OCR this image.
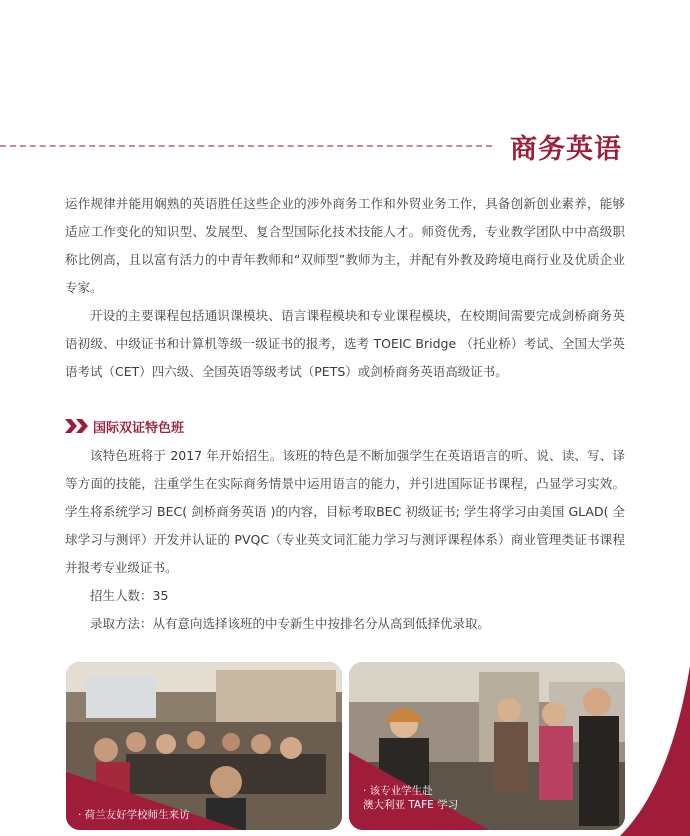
商务英语

运作规律并能用娴熟的英语胜任这些企业的涉外商务工作和外贸业务工作，具备创新创业素养，能够适应工作变化的知识型、发展型、复合型国际化技术技能人才。师资优秀，专业教学团队中中高级职称比例高，且以富有活力的中青年教师和“双师型”教师为主，并配有外教及跨境电商行业及优质企业专家。

开设的主要课程包括通识课模块、语言课程模块和专业课程模块，在校期间需要完成剑桥商务英语初级、中级证书和计算机等级一级证书的报考，选考 TOEIC Bridge （托业桥）考试、全国大学英语考试（CET）四六级、全国英语等级考试（PETS）或剑桥商务英语高级证书。

国际双证特色班

该特色班将于 2017 年开始招生。该班的特色是不断加强学生在英语语言的听、说、读、写、译等方面的技能，注重学生在实际商务情景中运用语言的能力，并引进国际证书课程，凸显学习实效。学生将系统学习 BEC( 剑桥商务英语 )的内容，目标考取BEC 初级证书; 学生将学习由美国 GLAD( 全球学习与测评）开发并认证的 PVQC（专业英文词汇能力学习与测评课程体系）商业管理类证书课程并报考专业级证书。

招生人数：35
录取方法：从有意向选择该班的中专新生中按排名分从高到低择优录取。
· 荷兰友好学校师生来访
· 该专业学生赴
澳大利亚 TAFE 学习
